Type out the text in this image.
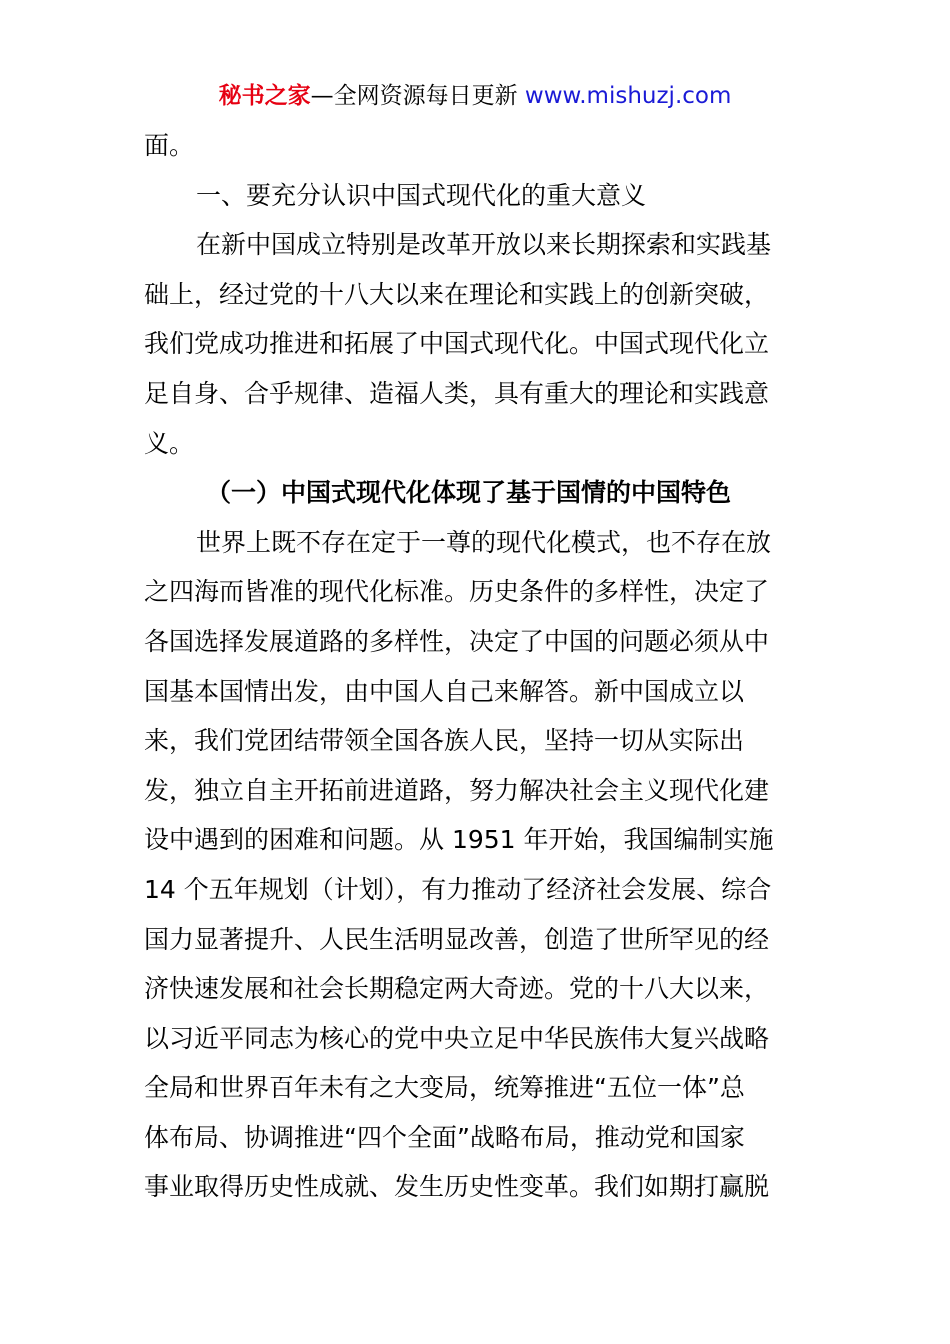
秘书之家—全网资源每日更新 www.mishuzj.com
面。
一、要充分认识中国式现代化的重大意义
在新中国成立特别是改革开放以来长期探索和实践基
础上，经过党的十八大以来在理论和实践上的创新突破，
我们党成功推进和拓展了中国式现代化。中国式现代化立
足自身、合乎规律、造福人类，具有重大的理论和实践意
义。
（一）中国式现代化体现了基于国情的中国特色
世界上既不存在定于一尊的现代化模式，也不存在放
之四海而皆准的现代化标准。历史条件的多样性，决定了
各国选择发展道路的多样性，决定了中国的问题必须从中
国基本国情出发，由中国人自己来解答。新中国成立以
来，我们党团结带领全国各族人民，坚持一切从实际出
发，独立自主开拓前进道路，努力解决社会主义现代化建
设中遇到的困难和问题。从 1951 年开始，我国编制实施
14 个五年规划（计划），有力推动了经济社会发展、综合
国力显著提升、人民生活明显改善，创造了世所罕见的经
济快速发展和社会长期稳定两大奇迹。党的十八大以来，
以习近平同志为核心的党中央立足中华民族伟大复兴战略
全局和世界百年未有之大变局，统筹推进“五位一体”总
体布局、协调推进“四个全面”战略布局，推动党和国家
事业取得历史性成就、发生历史性变革。我们如期打赢脱
